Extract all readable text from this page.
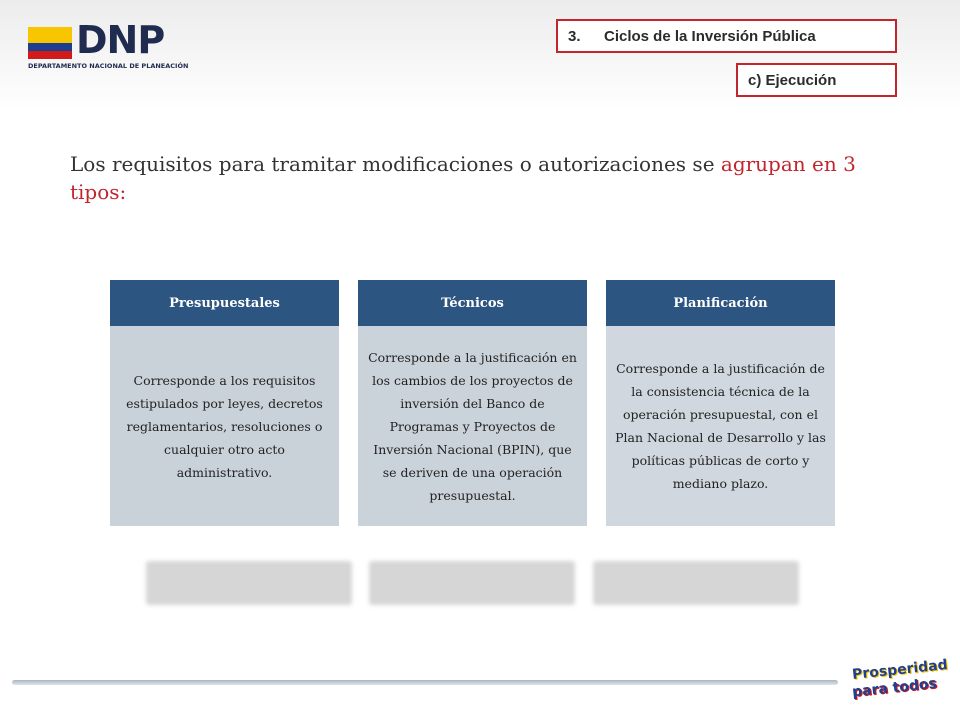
DNP
DEPARTAMENTO NACIONAL DE PLANEACIÓN
3.	Ciclos de la Inversión Pública
c) Ejecución
Los requisitos para tramitar modificaciones o autorizaciones se agrupan en 3 tipos:
Presupuestales
Corresponde a los requisitos estipulados por leyes, decretos reglamentarios, resoluciones o cualquier otro acto administrativo.
Técnicos
Corresponde a la justificación en los cambios de los proyectos de inversión del Banco de Programas y Proyectos de Inversión Nacional (BPIN), que se deriven de una operación presupuestal.
Planificación
Corresponde a la justificación de la consistencia técnica de la operación presupuestal, con el Plan Nacional de Desarrollo y las políticas públicas de corto y mediano plazo.
Prosperidad
para todos
